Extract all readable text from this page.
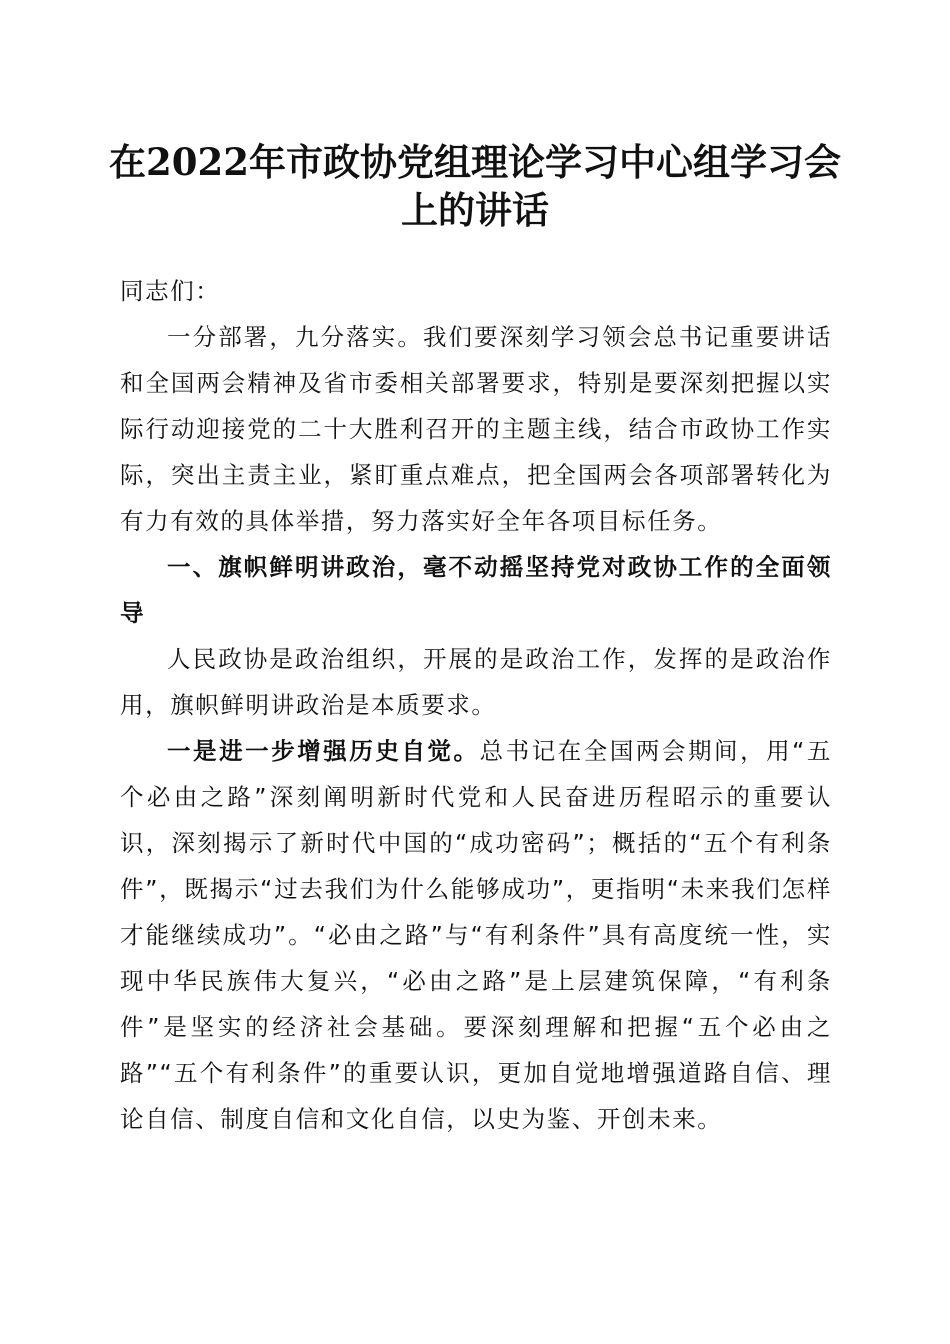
在2022年市政协党组理论学习中心组学习会上的讲话

同志们：

一分部署，九分落实。我们要深刻学习领会总书记重要讲话和全国两会精神及省市委相关部署要求，特别是要深刻把握以实际行动迎接党的二十大胜利召开的主题主线，结合市政协工作实际，突出主责主业，紧盯重点难点，把全国两会各项部署转化为有力有效的具体举措，努力落实好全年各项目标任务。

一、旗帜鲜明讲政治，毫不动摇坚持党对政协工作的全面领导

人民政协是政治组织，开展的是政治工作，发挥的是政治作用，旗帜鲜明讲政治是本质要求。

一是进一步增强历史自觉。总书记在全国两会期间，用“五个必由之路”深刻阐明新时代党和人民奋进历程昭示的重要认识，深刻揭示了新时代中国的“成功密码”；概括的“五个有利条件”，既揭示“过去我们为什么能够成功”，更指明“未来我们怎样才能继续成功”。“必由之路”与“有利条件”具有高度统一性，实现中华民族伟大复兴，“必由之路”是上层建筑保障，“有利条件”是坚实的经济社会基础。要深刻理解和把握“五个必由之路”“五个有利条件”的重要认识，更加自觉地增强道路自信、理论自信、制度自信和文化自信，以史为鉴、开创未来。
